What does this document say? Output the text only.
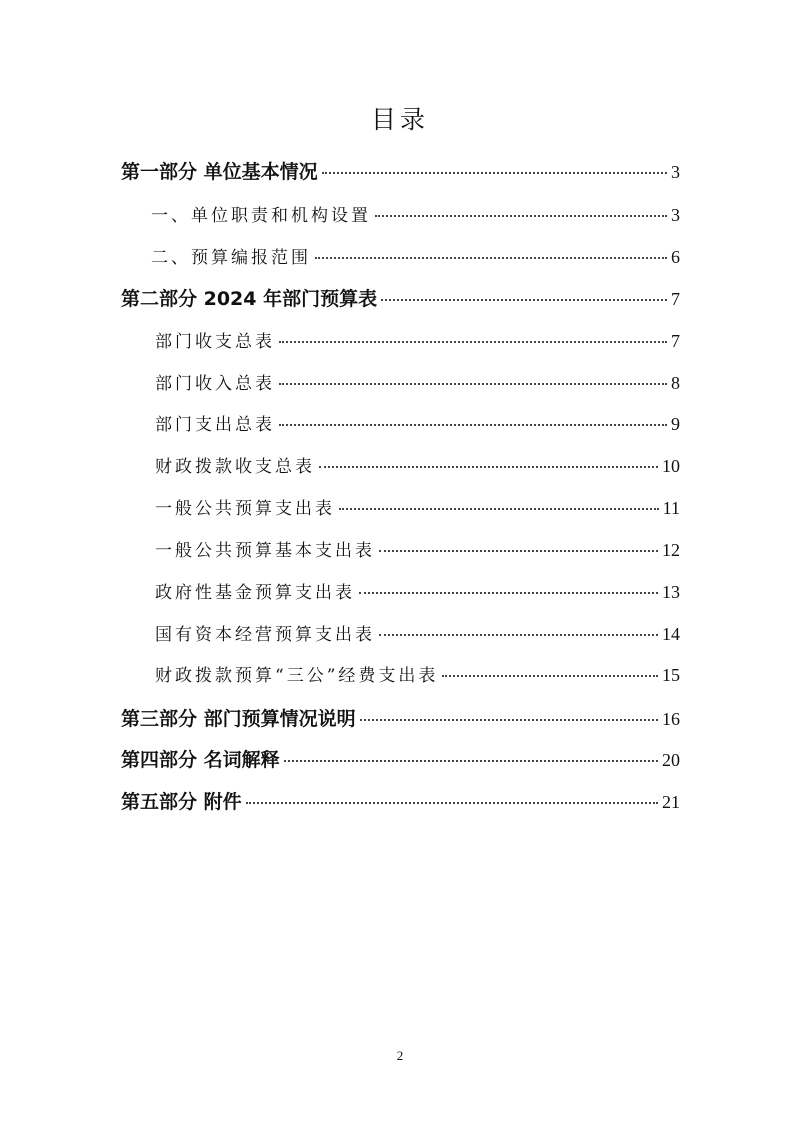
目录
第一部分 单位基本情况	3
一、单位职责和机构设置	3
二、预算编报范围	6
第二部分 2024 年部门预算表	7
部门收支总表	7
部门收入总表	8
部门支出总表	9
财政拨款收支总表	10
一般公共预算支出表	11
一般公共预算基本支出表	12
政府性基金预算支出表	13
国有资本经营预算支出表	14
财政拨款预算“三公”经费支出表	15
第三部分 部门预算情况说明	16
第四部分 名词解释	20
第五部分 附件	21
2
